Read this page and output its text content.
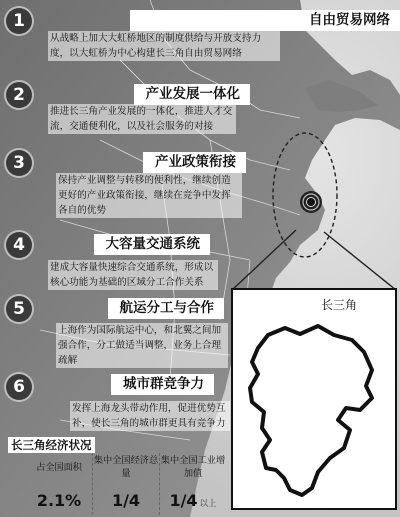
长三角
1	自由贸易网络
从战略上加大大虹桥地区的制度供给与开放支持力度，以大虹桥为中心构建长三角自由贸易网络
2	产业发展一体化
推进长三角产业发展的一体化，推进人才交流，交通便利化，以及社会服务的对接
3	产业政策衔接
保持产业调整与转移的便利性，继续创造更好的产业政策衔接，继续在竞争中发挥各自的优势
4	大容量交通系统
建成大容量快速综合交通系统，形成以核心功能为基础的区域分工合作关系
5	航运分工与合作
上海作为国际航运中心，和北翼之间加强合作，分工做适当调整，业务上合理疏解
6	城市群竞争力
发挥上海龙头带动作用，促进优势互补，使长三角的城市群更具有竞争力
长三角经济状况
占全国面积
2.1%
集中全国经济总量
1/4
集中全国工业增加值
1/4 以上
